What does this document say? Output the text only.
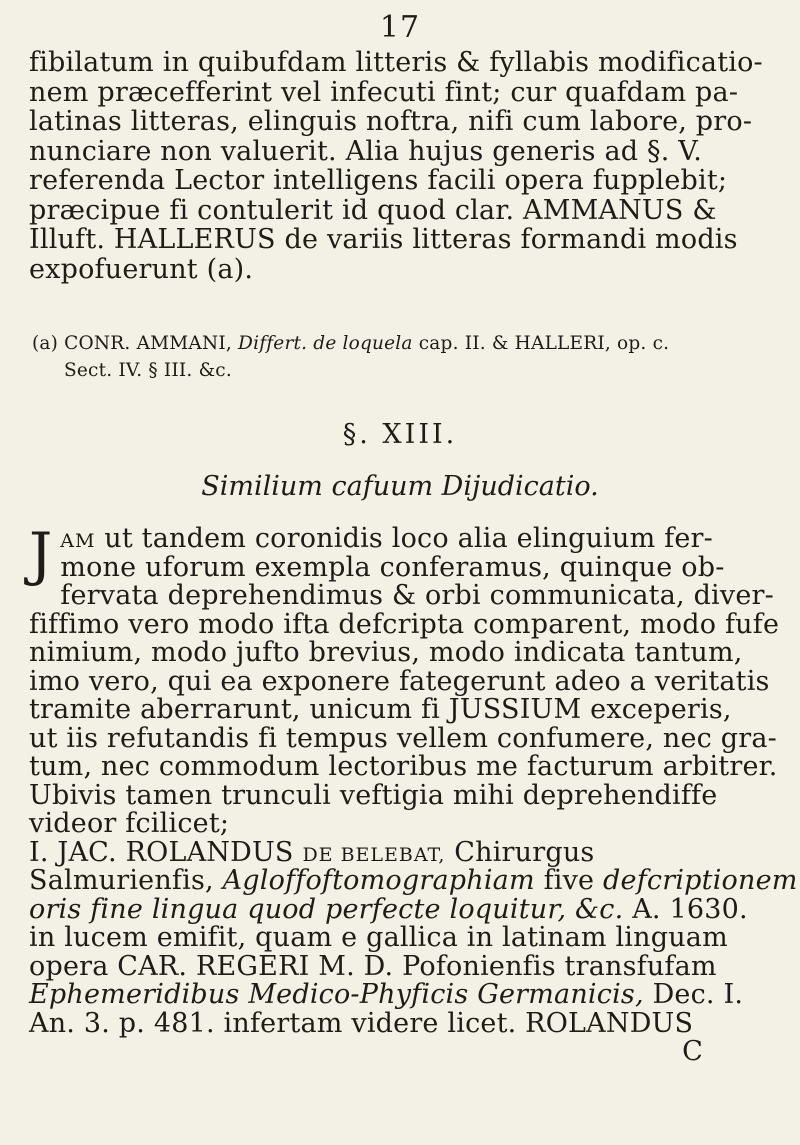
17
fibilatum in quibufdam litteris & fyllabis modificatio-
nem præcefferint vel infecuti fint; cur quafdam pa-
latinas litteras, elinguis noftra, nifi cum labore, pro-
nunciare non valuerit. Alia hujus generis ad §. V.
referenda Lector intelligens facili opera fupplebit;
præcipue fi contulerit id quod clar. AMMANUS &
Illuft. HALLERUS de variis litteras formandi modis
expofuerunt (a).
(a) CONR. AMMANI, Differt. de loquela cap. II. & HALLERI, op. c.
Sect. IV. § III. &c.
§. XIII.
Similium cafuum Dijudicatio.
J AM ut tandem coronidis loco alia elinguium fer-
mone uforum exempla conferamus, quinque ob-
fervata deprehendimus & orbi communicata, diver-
fiffimo vero modo ifta defcripta comparent, modo fufe
nimium, modo jufto brevius, modo indicata tantum,
imo vero, qui ea exponere fategerunt adeo a veritatis
tramite aberrarunt, unicum fi JUSSIUM exceperis,
ut iis refutandis fi tempus vellem confumere, nec gra-
tum, nec commodum lectoribus me facturum arbitrer.
Ubivis tamen trunculi veftigia mihi deprehendiffe
videor fcilicet;
I. JAC. ROLANDUS DE BELEBAT, Chirurgus
Salmurienfis, Agloffoftomographiam five defcriptionem
oris fine lingua quod perfecte loquitur, &c. A. 1630.
in lucem emifit, quam e gallica in latinam linguam
opera CAR. REGERI M. D. Pofonienfis transfufam
Ephemeridibus Medico-Phyficis Germanicis, Dec. I.
An. 3. p. 481. infertam videre licet. ROLANDUS
C
